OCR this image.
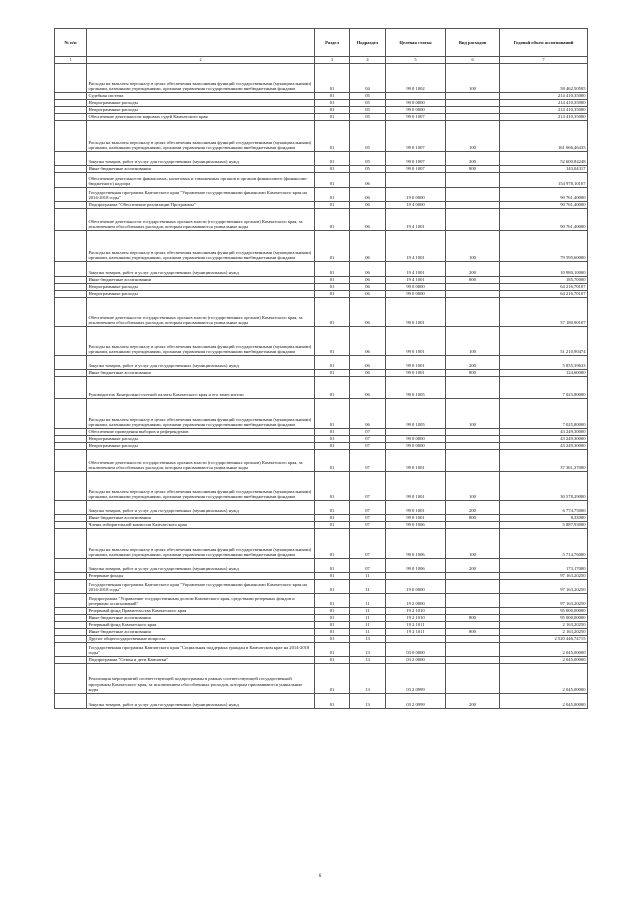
№ п/п		Раздел	Подраздел	Целевая статья	Вид расходов	Годовой объем ассигнований
1	2	3	4	5	6	7
	Расходы на выплаты персоналу в целях обеспечения выполнения функций государственными (муниципальными) органами, казенными учреждениями, органами управления государственными внебюджетными фондами	01	04	99 0 1002	100	58 462,50505
	Судебная система	01	05			214 410,35000
	Непрограммные расходы	01	05	99 0 0000		214 410,35000
	Непрограммные расходы	01	05	99 0 0000		214 410,35000
	Обеспечение деятельности мировых судей Камчатского края	01	05	99 0 1007		214 410,35000
	Расходы на выплаты персоналу в целях обеспечения выполнения функций государственными (муниципальными) органами, казенными учреждениями, органами управления государственными внебюджетными фондами	01	05	99 0 1007	100	161 666,46435
	Закупка товаров, работ и услуг для государственных (муниципальных) нужд	01	05	99 0 1007	200	52 600,84248
	Иные бюджетные ассигнования	01	05	99 0 1007	800	143,04317
	Обеспечение деятельности финансовых, налоговых и таможенных органов и органов финансового (финансово-бюджетного) надзора	01	06			154 978,10107
	Государственная программа Камчатского края "Управление государственными финансами Камчатского края на 2014-2018 годы"	01	06	19 0 0000		90 761,40000
	Подпрограмма "Обеспечение реализации Программы"	01	06	19 4 0000		90 761,40000
	Обеспечение деятельности государственных органов власти (государственных органов) Камчатского края, за исключением обособленных расходов, которым присваиваются уникальные коды	01	06	19 4 1001		90 761,40000
	Расходы на выплаты персоналу в целях обеспечения выполнения функций государственными (муниципальными) органами, казенными учреждениями, органами управления государственными внебюджетными фондами	01	06	19 4 1001	100	79 595,60000
	Закупка товаров, работ и услуг для государственных (муниципальных) нужд	01	06	19 4 1001	200	10 980,10000
	Иные бюджетные ассигнования	01	06	19 4 1001	800	185,70000
	Непрограммные расходы	01	06	99 0 0000		64 216,70107
	Непрограммные расходы	01	06	99 0 0000		64 216,70107
	Обеспечение деятельности государственных органов власти (государственных органов) Камчатского края, за исключением обособленных расходов, которым присваиваются уникальные коды	01	06	99 0 1001		57 180,90107
	Расходы на выплаты персоналу в целях обеспечения выполнения функций государственными (муниципальными) органами, казенными учреждениями, органами управления государственными внебюджетными фондами	01	06	99 0 1001	100	51 210,90474
	Закупка товаров, работ и услуг для государственных (муниципальных) нужд	01	06	99 0 1001	200	5 855,39633
	Иные бюджетные ассигнования	01	06	99 0 1001	800	124,60000
	Руководитель Контрольно-счетной палаты Камчатского края и его заместители	01	06	99 0 1005		7 025,80000
	Расходы на выплаты персоналу в целях обеспечения выполнения функций государственными (муниципальными) органами, казенными учреждениями, органами управления государственными внебюджетными фондами	01	06	99 0 1005	100	7 025,80000
	Обеспечение проведения выборов и референдумов	01	07			43 249,30000
	Непрограммные расходы	01	07	99 0 0000		43 249,30000
	Непрограммные расходы	01	07	99 0 0000		43 249,30000
	Обеспечение деятельности государственных органов власти (государственных органов) Камчатского края, за исключением обособленных расходов, которым присваиваются уникальные коды	01	07	99 0 1001		37 361,37000
	Расходы на выплаты персоналу в целях обеспечения выполнения функций государственными (муниципальными) органами, казенными учреждениями, органами управления государственными внебюджетными фондами	01	07	99 0 1001	100	30 578,29000
	Закупка товаров, работ и услуг для государственных (муниципальных) нужд	01	07	99 0 1001	200	6 774,75000
	Иные бюджетные ассигнования	01	07	99 0 1001	800	8,33000
	Члены избирательной комиссии Камчатского края	01	07	99 0 1006		5 887,93000
	Расходы на выплаты персоналу в целях обеспечения выполнения функций государственными (муниципальными) органами, казенными учреждениями, органами управления государственными внебюджетными фондами	01	07	99 0 1006	100	5 714,76000
	Закупка товаров, работ и услуг для государственных (муниципальных) нужд	01	07	99 0 1006	200	173,17000
	Резервные фонды	01	11			97 163,20250
	Государственная программа Камчатского края "Управление государственными финансами Камчатского края на 2014-2018 годы"	01	11	19 0 0000		97 163,20250
	Подпрограмма "Управление государственным долгом Камчатского края, средствами резервных фондов и резервами ассигнований"	01	11	19 2 0000		97 163,20250
	Резервный фонд Правительства Камчатского края	01	11	19 2 1010		95 000,00000
	Иные бюджетные ассигнования	01	11	19 2 1010	800	95 000,00000
	Резервный фонд Камчатского края	01	11	19 2 1011		2 163,20250
	Иные бюджетные ассигнования	01	11	19 2 1011	800	2 163,20250
	Другие общегосударственные вопросы	01	13			2 520 446,74715
	Государственная программа Камчатского края "Социальная поддержка граждан в Камчатском крае на 2014-2018 годы"	01	13	03 0 0000		2 045,00000
	Подпрограмма "Семья и дети Камчатки"	01	13	03 2 0000		2 045,00000
	Реализация мероприятий соответствующей подпрограммы в рамках соответствующей государственной программы Камчатского края, за исключением обособленных расходов, которым присваиваются уникальные коды	01	13	03 2 0999		2 045,00000
	Закупка товаров, работ и услуг для государственных (муниципальных) нужд	01	13	03 2 0999	200	2 045,00000
6
